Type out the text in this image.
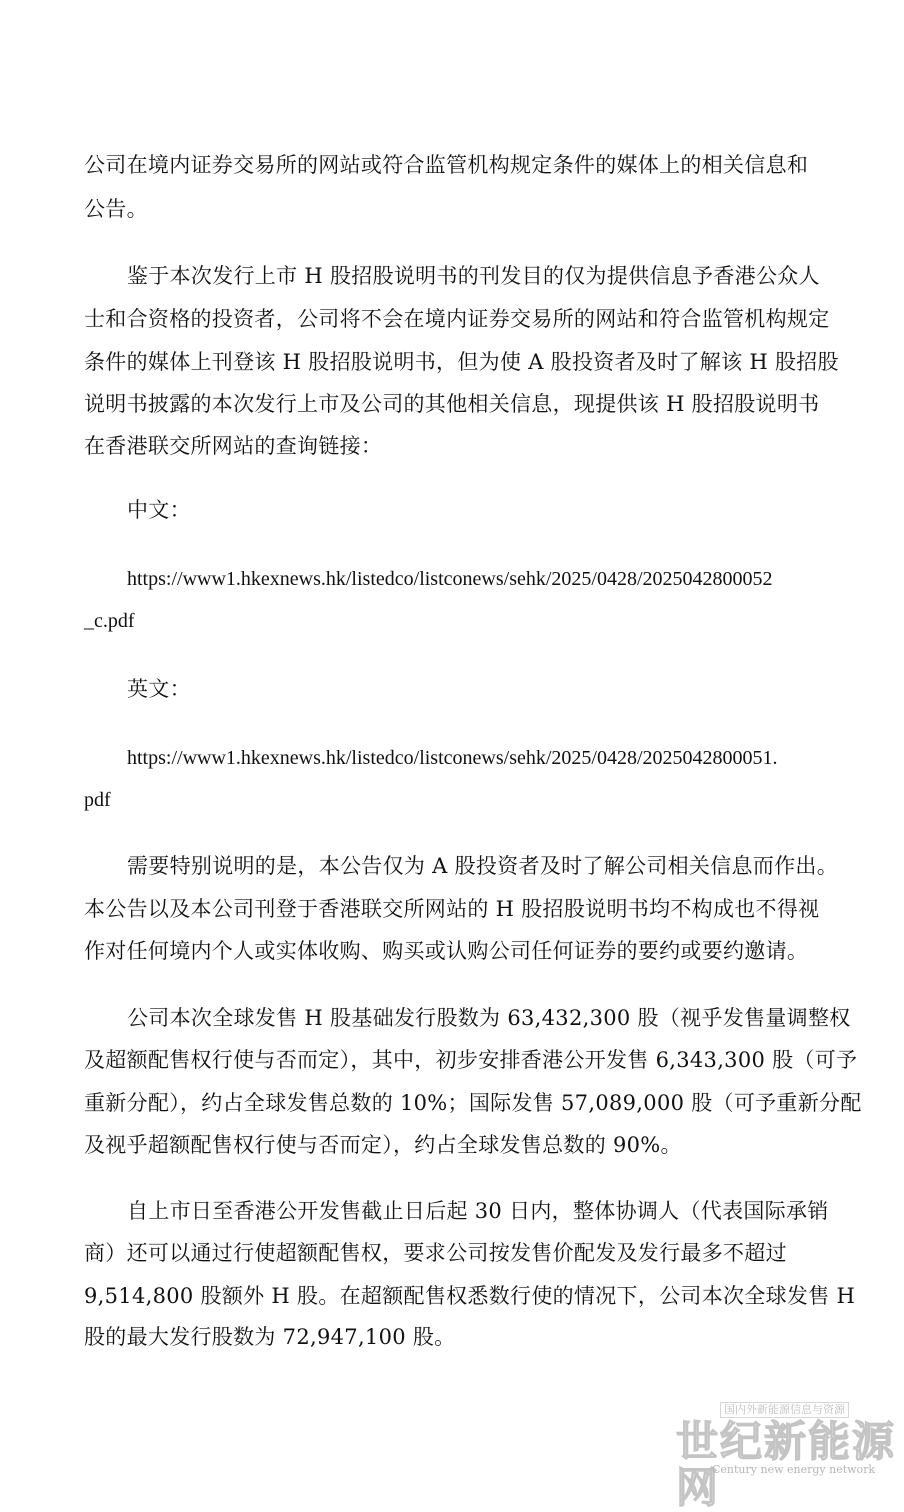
公司在境内证券交易所的网站或符合监管机构规定条件的媒体上的相关信息和
公告。
鉴于本次发行上市 H 股招股说明书的刊发目的仅为提供信息予香港公众人
士和合资格的投资者，公司将不会在境内证券交易所的网站和符合监管机构规定
条件的媒体上刊登该 H 股招股说明书，但为使 A 股投资者及时了解该 H 股招股
说明书披露的本次发行上市及公司的其他相关信息，现提供该 H 股招股说明书
在香港联交所网站的查询链接：
中文：
https://www1.hkexnews.hk/listedco/listconews/sehk/2025/0428/2025042800052
_c.pdf
英文：
https://www1.hkexnews.hk/listedco/listconews/sehk/2025/0428/2025042800051.
pdf
需要特别说明的是，本公告仅为 A 股投资者及时了解公司相关信息而作出。
本公告以及本公司刊登于香港联交所网站的 H 股招股说明书均不构成也不得视
作对任何境内个人或实体收购、购买或认购公司任何证券的要约或要约邀请。
公司本次全球发售 H 股基础发行股数为 63,432,300 股（视乎发售量调整权
及超额配售权行使与否而定），其中，初步安排香港公开发售 6,343,300 股（可予
重新分配），约占全球发售总数的 10%；国际发售 57,089,000 股（可予重新分配
及视乎超额配售权行使与否而定），约占全球发售总数的 90%。
自上市日至香港公开发售截止日后起 30 日内，整体协调人（代表国际承销
商）还可以通过行使超额配售权，要求公司按发售价配发及发行最多不超过
9,514,800 股额外 H 股。在超额配售权悉数行使的情况下，公司本次全球发售 H
股的最大发行股数为 72,947,100 股。
国内外新能源信息与资源
世纪新能源网
Century new energy network
